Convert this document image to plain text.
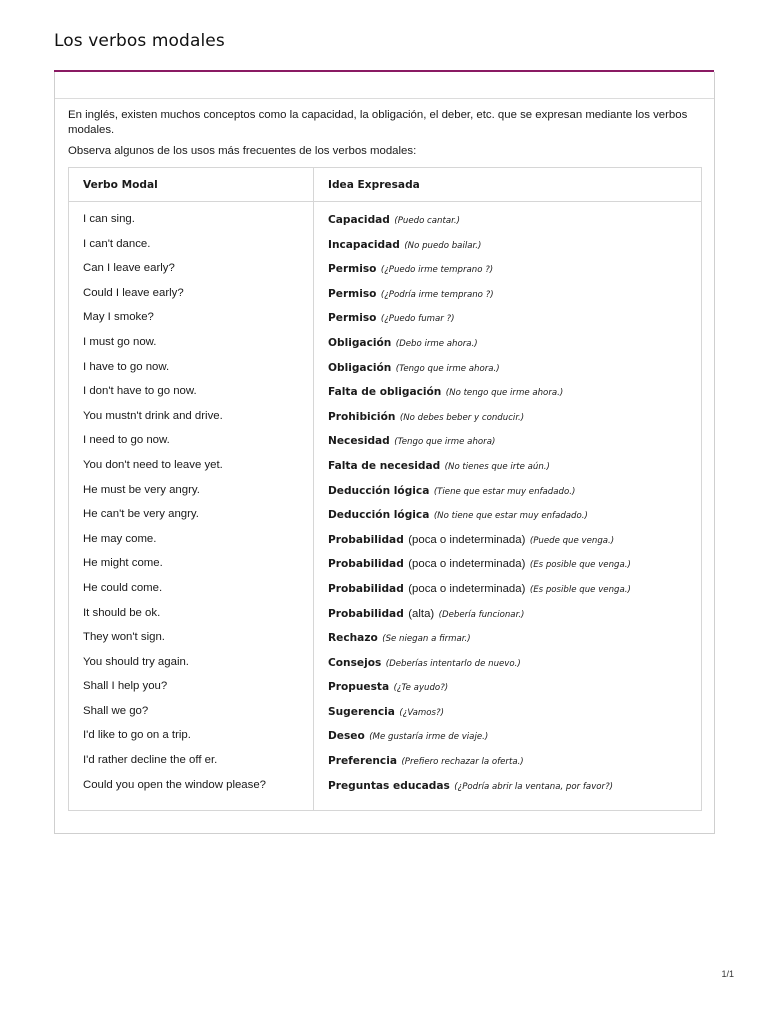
Los verbos modales

En inglés, existen muchos conceptos como la capacidad, la obligación, el deber, etc. que se expresan mediante los verbos modales.

Observa algunos de los usos más frecuentes de los verbos modales:

Verbo Modal	Idea Expresada
I can sing.
I can't dance.
Can I leave early?
Could I leave early?
May I smoke?
I must go now.
I have to go now.
I don't have to go now.
You mustn't drink and drive.
I need to go now.
You don't need to leave yet.
He must be very angry.
He can't be very angry.
He may come.
He might come.
He could come.
It should be ok.
They won't sign.
You should try again.
Shall I help you?
Shall we go?
I'd like to go on a trip.
I'd rather decline the off er.
Could you open the window please?
Capacidad (Puedo cantar.)
Incapacidad (No puedo bailar.)
Permiso (¿Puedo irme temprano ?)
Permiso (¿Podría irme temprano ?)
Permiso (¿Puedo fumar ?)
Obligación (Debo irme ahora.)
Obligación (Tengo que irme ahora.)
Falta de obligación (No tengo que irme ahora.)
Prohibición (No debes beber y conducir.)
Necesidad (Tengo que irme ahora)
Falta de necesidad (No tienes que irte aún.)
Deducción lógica (Tiene que estar muy enfadado.)
Deducción lógica (No tiene que estar muy enfadado.)
Probabilidad (poca o indeterminada) (Puede que venga.)
Probabilidad (poca o indeterminada) (Es posible que venga.)
Probabilidad (poca o indeterminada) (Es posible que venga.)
Probabilidad (alta) (Debería funcionar.)
Rechazo (Se niegan a firmar.)
Consejos (Deberías intentarlo de nuevo.)
Propuesta (¿Te ayudo?)
Sugerencia (¿Vamos?)
Deseo (Me gustaría irme de viaje.)
Preferencia (Prefiero rechazar la oferta.)
Preguntas educadas (¿Podría abrir la ventana, por favor?)
1/1
